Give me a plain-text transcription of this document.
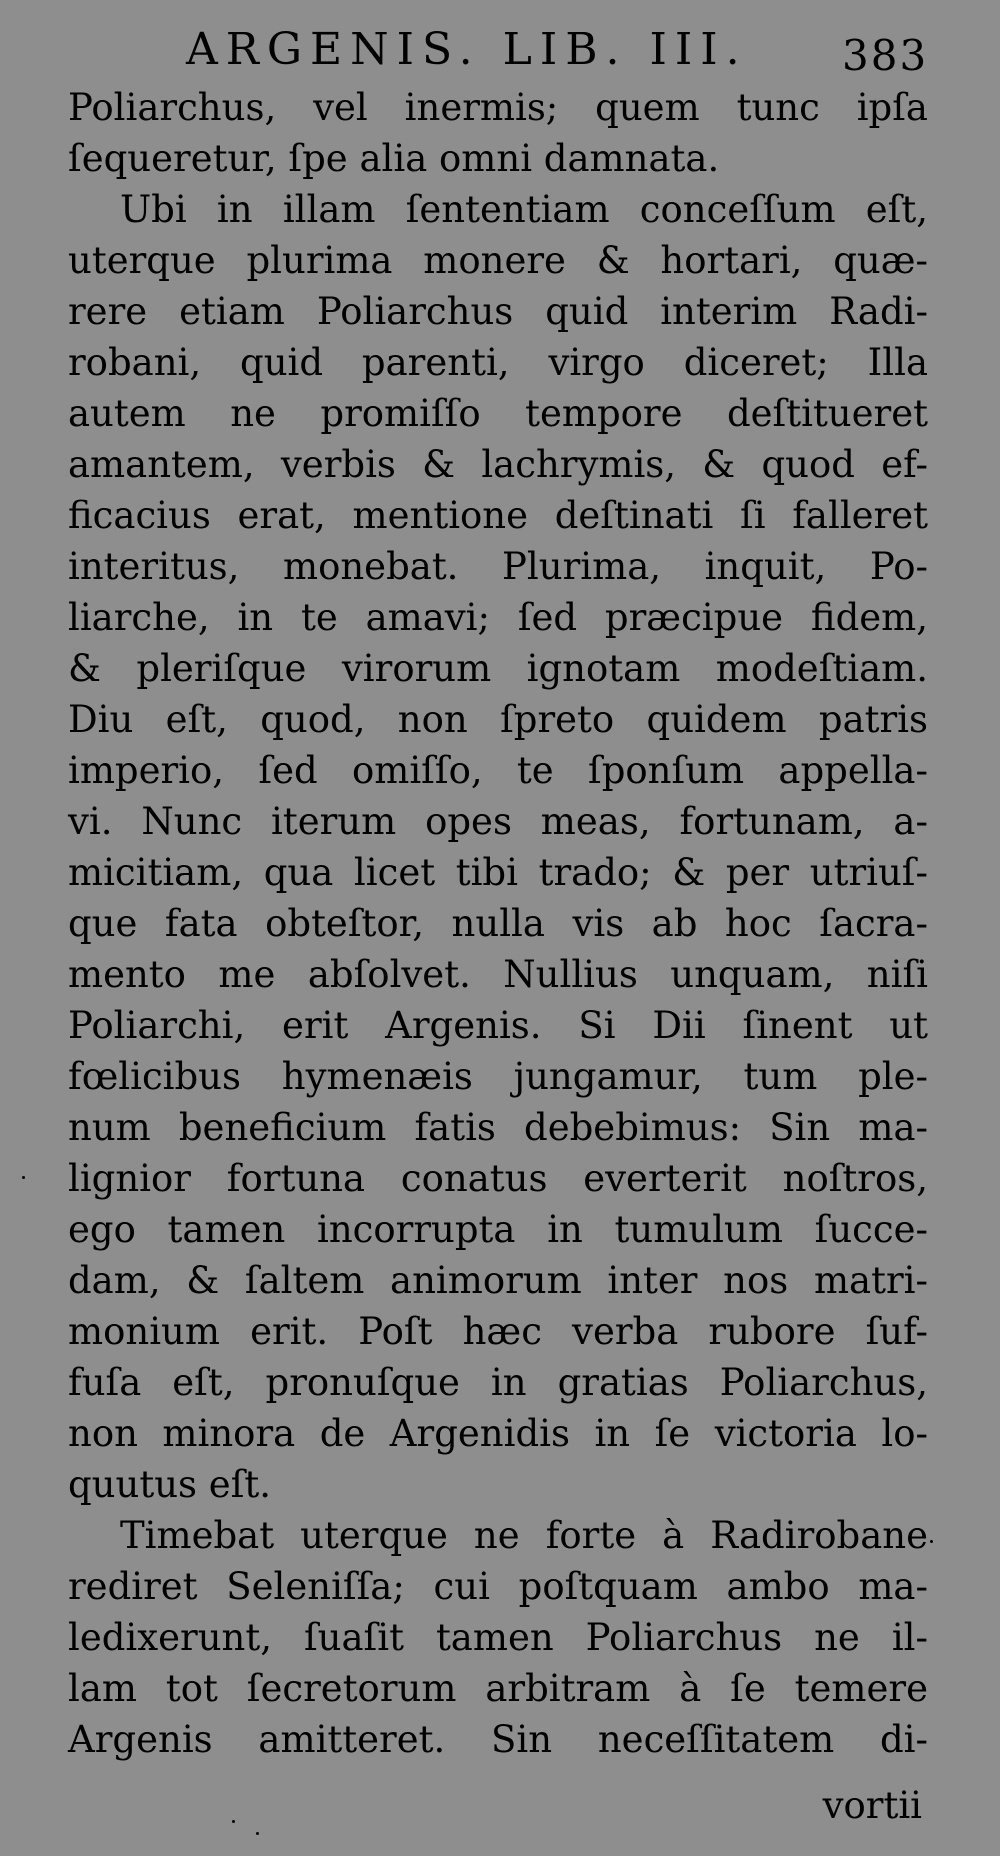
ARGENIS. LIB. III. 383
Poliarchus, vel inermis; quem tunc ipſa
ſequeretur, ſpe alia omni damnata.
Ubi in illam ſententiam conceſſum eſt,
uterque plurima monere & hortari, quæ-
rere etiam Poliarchus quid interim Radi-
robani, quid parenti, virgo diceret; Illa
autem ne promiſſo tempore deſtitueret
amantem, verbis & lachrymis, & quod ef-
ficacius erat, mentione deſtinati ſi falleret
interitus, monebat. Plurima, inquit, Po-
liarche, in te amavi; ſed præcipue fidem,
& pleriſque virorum ignotam modeſtiam.
Diu eſt, quod, non ſpreto quidem patris
imperio, ſed omiſſo, te ſponſum appella-
vi. Nunc iterum opes meas, fortunam, a-
micitiam, qua licet tibi trado; & per utriuſ-
que fata obteſtor, nulla vis ab hoc ſacra-
mento me abſolvet. Nullius unquam, niſi
Poliarchi, erit Argenis. Si Dii ſinent ut
fœlicibus hymenæis jungamur, tum ple-
num beneficium fatis debebimus: Sin ma-
lignior fortuna conatus everterit noſtros,
ego tamen incorrupta in tumulum ſucce-
dam, & ſaltem animorum inter nos matri-
monium erit. Poſt hæc verba rubore ſuf-
fuſa eſt, pronuſque in gratias Poliarchus,
non minora de Argenidis in ſe victoria lo-
quutus eſt.
Timebat uterque ne forte à Radirobane
rediret Seleniſſa; cui poſtquam ambo ma-
ledixerunt, ſuaſit tamen Poliarchus ne il-
lam tot ſecretorum arbitram à ſe temere
Argenis amitteret. Sin neceſſitatem di-
vortii
